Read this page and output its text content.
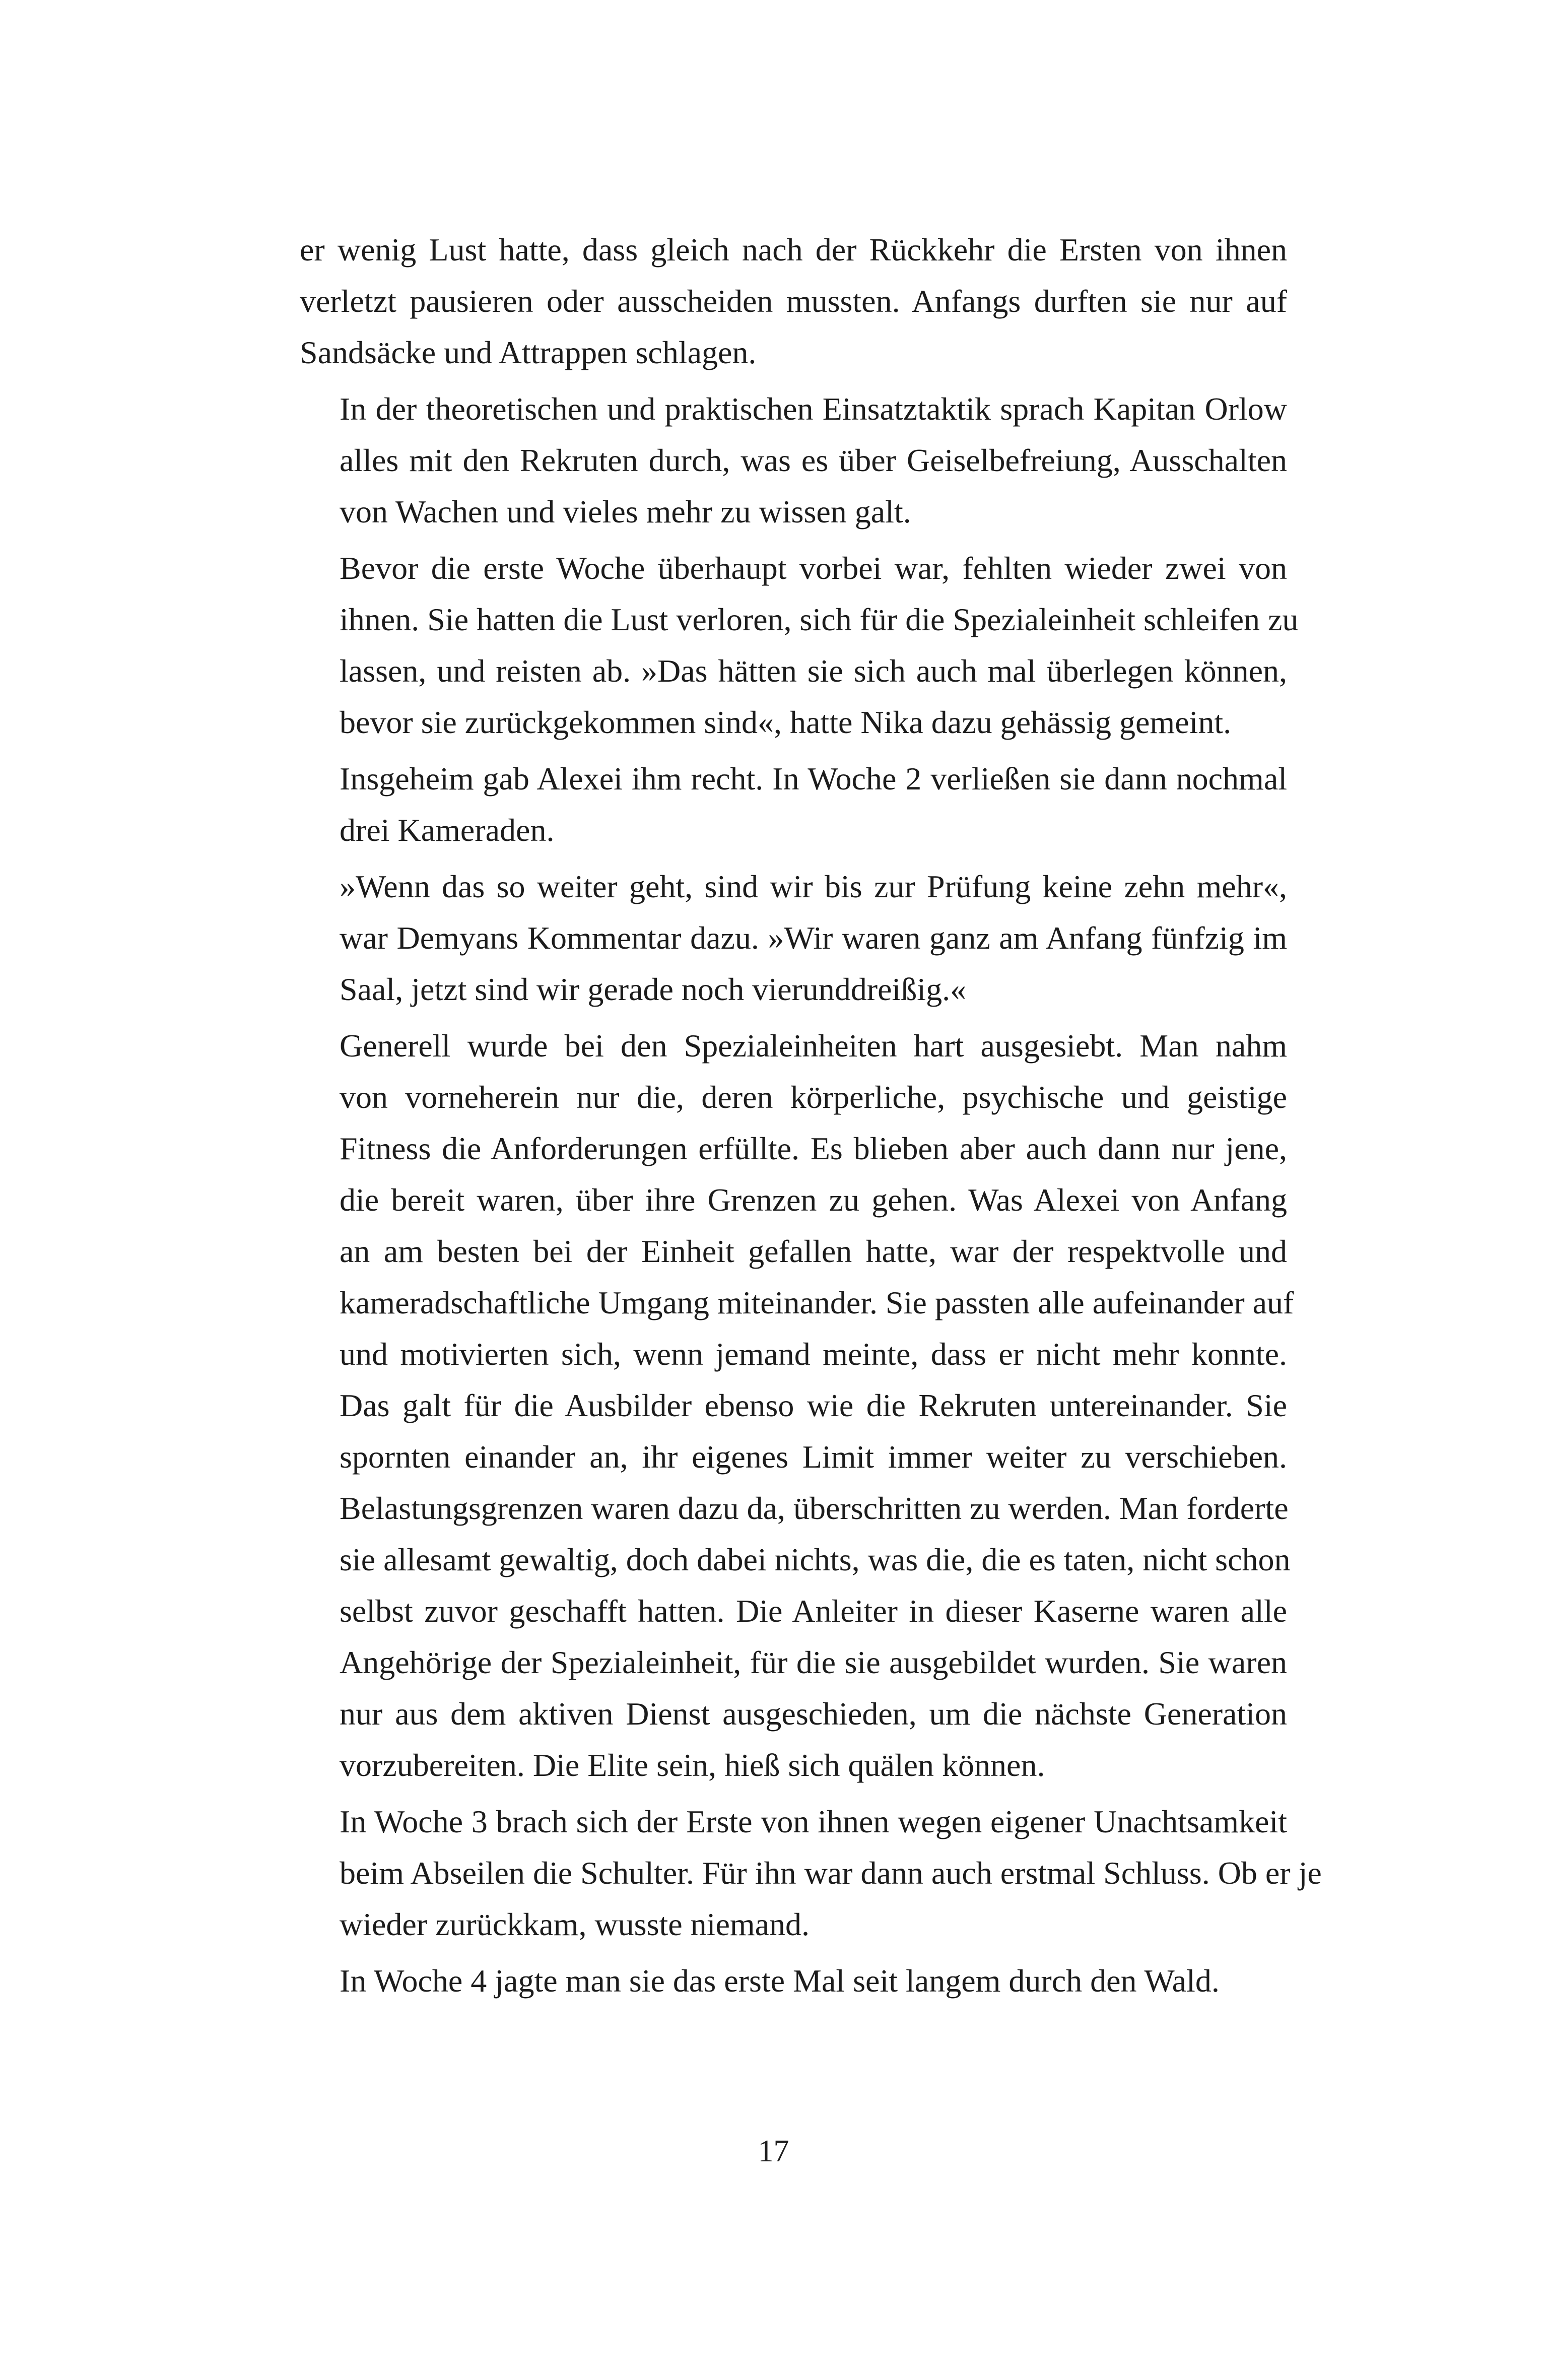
er wenig Lust hatte, dass gleich nach der Rückkehr die Ersten von ihnen
verletzt pausieren oder ausscheiden mussten. Anfangs durften sie nur auf
Sandsäcke und Attrappen schlagen.

In der theoretischen und praktischen Einsatztaktik sprach Kapitan Orlow
alles mit den Rekruten durch, was es über Geiselbefreiung, Ausschalten
von Wachen und vieles mehr zu wissen galt.

Bevor die erste Woche überhaupt vorbei war, fehlten wieder zwei von
ihnen. Sie hatten die Lust verloren, sich für die Spezialeinheit schleifen zu
lassen, und reisten ab. »Das hätten sie sich auch mal überlegen können,
bevor sie zurückgekommen sind«, hatte Nika dazu gehässig gemeint.

Insgeheim gab Alexei ihm recht. In Woche 2 verließen sie dann nochmal
drei Kameraden.

»Wenn das so weiter geht, sind wir bis zur Prüfung keine zehn mehr«,
war Demyans Kommentar dazu. »Wir waren ganz am Anfang fünfzig im
Saal, jetzt sind wir gerade noch vierunddreißig.«

Generell wurde bei den Spezialeinheiten hart ausgesiebt. Man nahm
von vorneherein nur die, deren körperliche, psychische und geistige
Fitness die Anforderungen erfüllte. Es blieben aber auch dann nur jene,
die bereit waren, über ihre Grenzen zu gehen. Was Alexei von Anfang
an am besten bei der Einheit gefallen hatte, war der respektvolle und
kameradschaftliche Umgang miteinander. Sie passten alle aufeinander auf
und motivierten sich, wenn jemand meinte, dass er nicht mehr konnte.
Das galt für die Ausbilder ebenso wie die Rekruten untereinander. Sie
spornten einander an, ihr eigenes Limit immer weiter zu verschieben.
Belastungsgrenzen waren dazu da, überschritten zu werden. Man forderte
sie allesamt gewaltig, doch dabei nichts, was die, die es taten, nicht schon
selbst zuvor geschafft hatten. Die Anleiter in dieser Kaserne waren alle
Angehörige der Spezialeinheit, für die sie ausgebildet wurden. Sie waren
nur aus dem aktiven Dienst ausgeschieden, um die nächste Generation
vorzubereiten. Die Elite sein, hieß sich quälen können.

In Woche 3 brach sich der Erste von ihnen wegen eigener Unachtsamkeit
beim Abseilen die Schulter. Für ihn war dann auch erstmal Schluss. Ob er je
wieder zurückkam, wusste niemand.

In Woche 4 jagte man sie das erste Mal seit langem durch den Wald.

17
